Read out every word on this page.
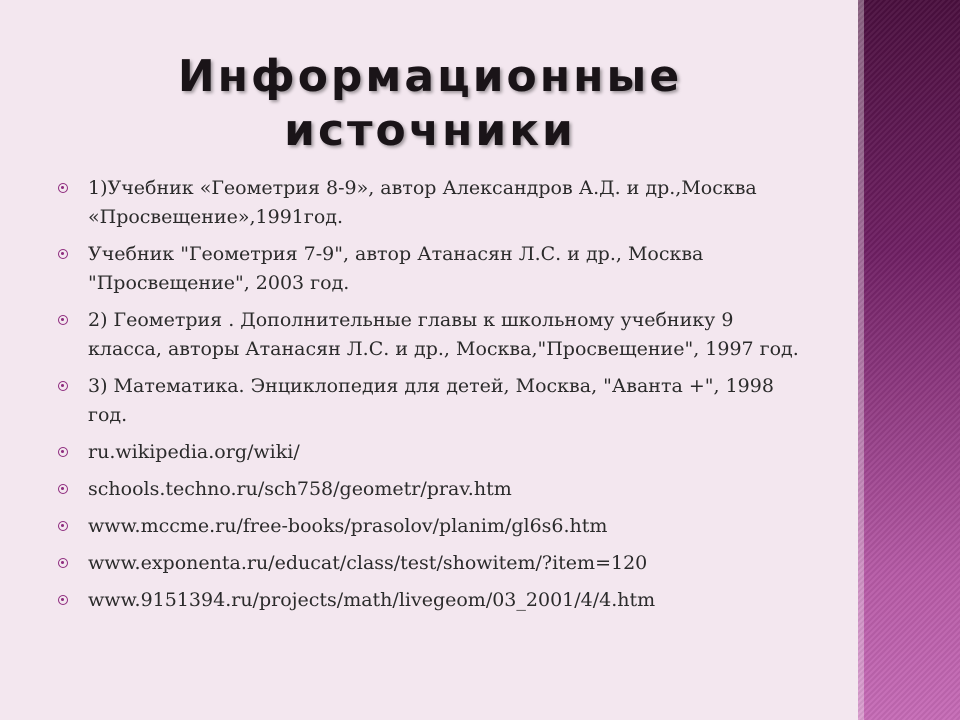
Информационные
источники
1)Учебник «Геометрия 8-9», автор Александров А.Д. и др.,Москва «Просвещение»,1991год.
Учебник "Геометрия 7-9", автор Атанасян Л.С. и др., Москва "Просвещение", 2003 год.
2) Геометрия . Дополнительные главы к школьному учебнику 9 класса, авторы Атанасян Л.С. и др., Москва,"Просвещение", 1997 год.
3) Математика. Энциклопедия для детей, Москва, "Аванта +", 1998 год.
ru.wikipedia.org/wiki/
schools.techno.ru/sch758/geometr/prav.htm
www.mccme.ru/free-books/prasolov/planim/gl6s6.htm
www.exponenta.ru/educat/class/test/showitem/?item=120
www.9151394.ru/projects/math/livegeom/03_2001/4/4.htm
